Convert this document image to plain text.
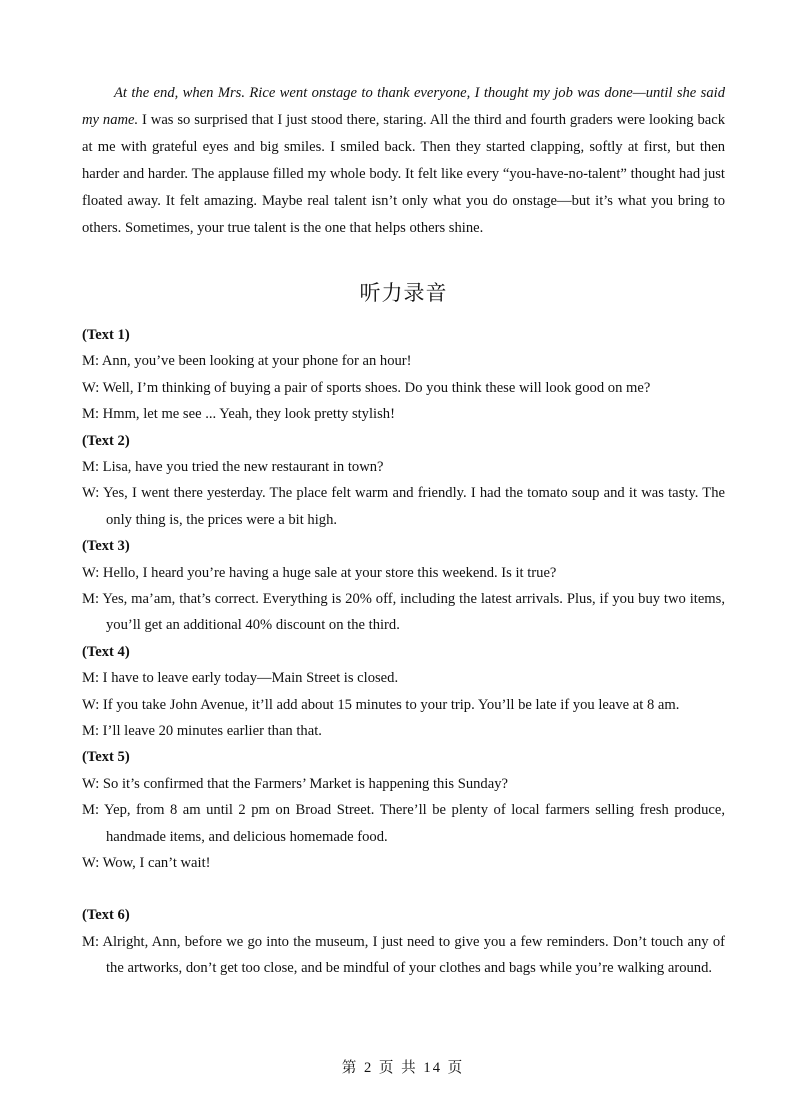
At the end, when Mrs. Rice went onstage to thank everyone, I thought my job was done—until she said my name. I was so surprised that I just stood there, staring. All the third and fourth graders were looking back at me with grateful eyes and big smiles. I smiled back. Then they started clapping, softly at first, but then harder and harder. The applause filled my whole body. It felt like every “you-have-no-talent” thought had just floated away. It felt amazing. Maybe real talent isn’t only what you do onstage—but it’s what you bring to others. Sometimes, your true talent is the one that helps others shine.

听力录音
(Text 1)
M: Ann, you’ve been looking at your phone for an hour!
W: Well, I’m thinking of buying a pair of sports shoes. Do you think these will look good on me?
M: Hmm, let me see ... Yeah, they look pretty stylish!
(Text 2)
M: Lisa, have you tried the new restaurant in town?
W: Yes, I went there yesterday. The place felt warm and friendly. I had the tomato soup and it was tasty. The only thing is, the prices were a bit high.
(Text 3)
W: Hello, I heard you’re having a huge sale at your store this weekend. Is it true?
M: Yes, ma’am, that’s correct. Everything is 20% off, including the latest arrivals. Plus, if you buy two items, you’ll get an additional 40% discount on the third.
(Text 4)
M: I have to leave early today—Main Street is closed.
W: If you take John Avenue, it’ll add about 15 minutes to your trip. You’ll be late if you leave at 8 am.
M: I’ll leave 20 minutes earlier than that.
(Text 5)
W: So it’s confirmed that the Farmers’ Market is happening this Sunday?
M: Yep, from 8 am until 2 pm on Broad Street. There’ll be plenty of local farmers selling fresh produce, handmade items, and delicious homemade food.
W: Wow, I can’t wait!
(Text 6)
M: Alright, Ann, before we go into the museum, I just need to give you a few reminders. Don’t touch any of the artworks, don’t get too close, and be mindful of your clothes and bags while you’re walking around.
第 2 页 共 14 页
